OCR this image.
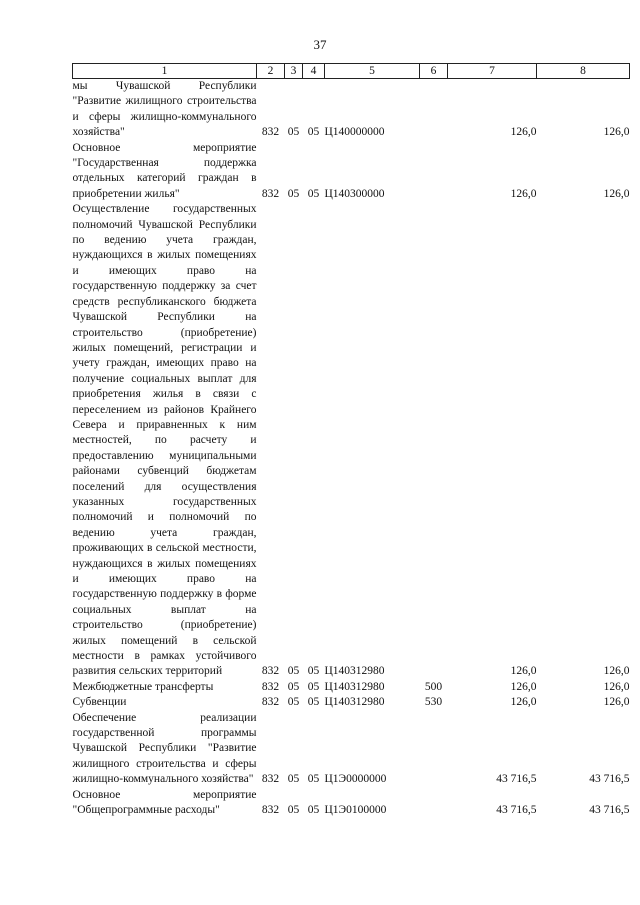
37
1	2	3	4	5	6	7	8
мы Чувашской Республики "Развитие жилищного строительства и сферы жилищно-коммунального хозяйства"	832	05	05	Ц140000000		126,0	126,0
Основное мероприятие "Государственная поддержка отдельных категорий граждан в приобретении жилья"	832	05	05	Ц140300000		126,0	126,0
Осуществление государственных полномочий Чувашской Республики по ведению учета граждан, нуждающихся в жилых помещениях и имеющих право на государственную поддержку за счет средств республиканского бюджета Чувашской Республики на строительство (приобретение) жилых помещений, регистрации и учету граждан, имеющих право на получение социальных выплат для приобретения жилья в связи с переселением из районов Крайнего Севера и приравненных к ним местностей, по расчету и предоставлению муниципальными районами субвенций бюджетам поселений для осуществления указанных государственных полномочий и полномочий по ведению учета граждан, проживающих в сельской местности, нуждающихся в жилых помещениях и имеющих право на государственную поддержку в форме социальных выплат на строительство (приобретение) жилых помещений в сельской местности в рамках устойчивого развития сельских территорий	832	05	05	Ц140312980		126,0	126,0
Межбюджетные трансферты	832	05	05	Ц140312980	500	126,0	126,0
Субвенции	832	05	05	Ц140312980	530	126,0	126,0
Обеспечение реализации государственной программы Чувашской Республики "Развитие жилищного строительства и сферы жилищно-коммунального хозяйства"	832	05	05	Ц1Э0000000		43 716,5	43 716,5
Основное мероприятие "Общепрограммные расходы"	832	05	05	Ц1Э0100000		43 716,5	43 716,5
